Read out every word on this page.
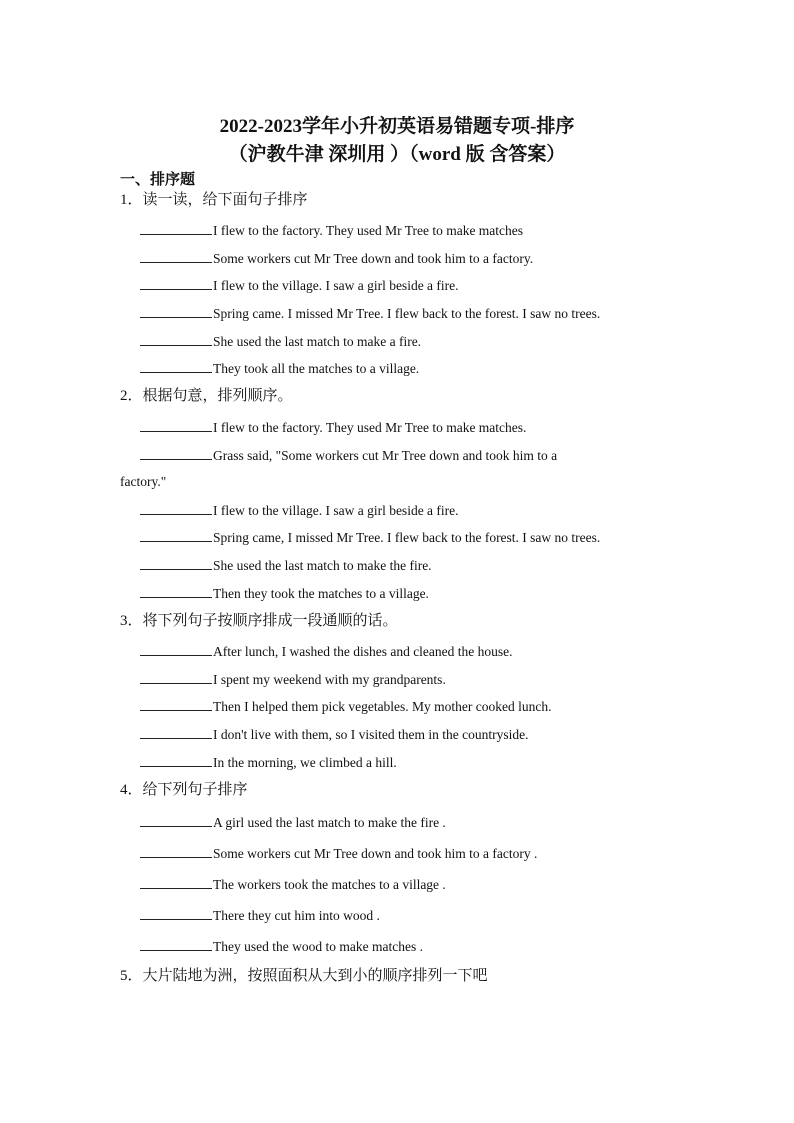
2022-2023学年小升初英语易错题专项-排序
（沪教牛津 深圳用 ）（word 版 含答案）
一、排序题
1．读一读，给下面句子排序
I flew to the factory. They used Mr Tree to make matches
Some workers cut Mr Tree down and took him to a factory.
I flew to the village. I saw a girl beside a fire.
Spring came. I missed Mr Tree. I flew back to the forest. I saw no trees.
She used the last match to make a fire.
They took all the matches to a village.
2．根据句意，排列顺序。
I flew to the factory. They used Mr Tree to make matches.
Grass said, "Some workers cut Mr Tree down and took him to a
factory."
I flew to the village. I saw a girl beside a fire.
Spring came, I missed Mr Tree. I flew back to the forest. I saw no trees.
She used the last match to make the fire.
Then they took the matches to a village.
3．将下列句子按顺序排成一段通顺的话。
After lunch, I washed the dishes and cleaned the house.
I spent my weekend with my grandparents.
Then I helped them pick vegetables. My mother cooked lunch.
I don't live with them, so I visited them in the countryside.
In the morning, we climbed a hill.
4．给下列句子排序
A girl used the last match to make the fire .
Some workers cut Mr Tree down and took him to a factory .
The workers took the matches to a village .
There they cut him into wood .
They used the wood to make matches .
5．大片陆地为洲，按照面积从大到小的顺序排列一下吧
